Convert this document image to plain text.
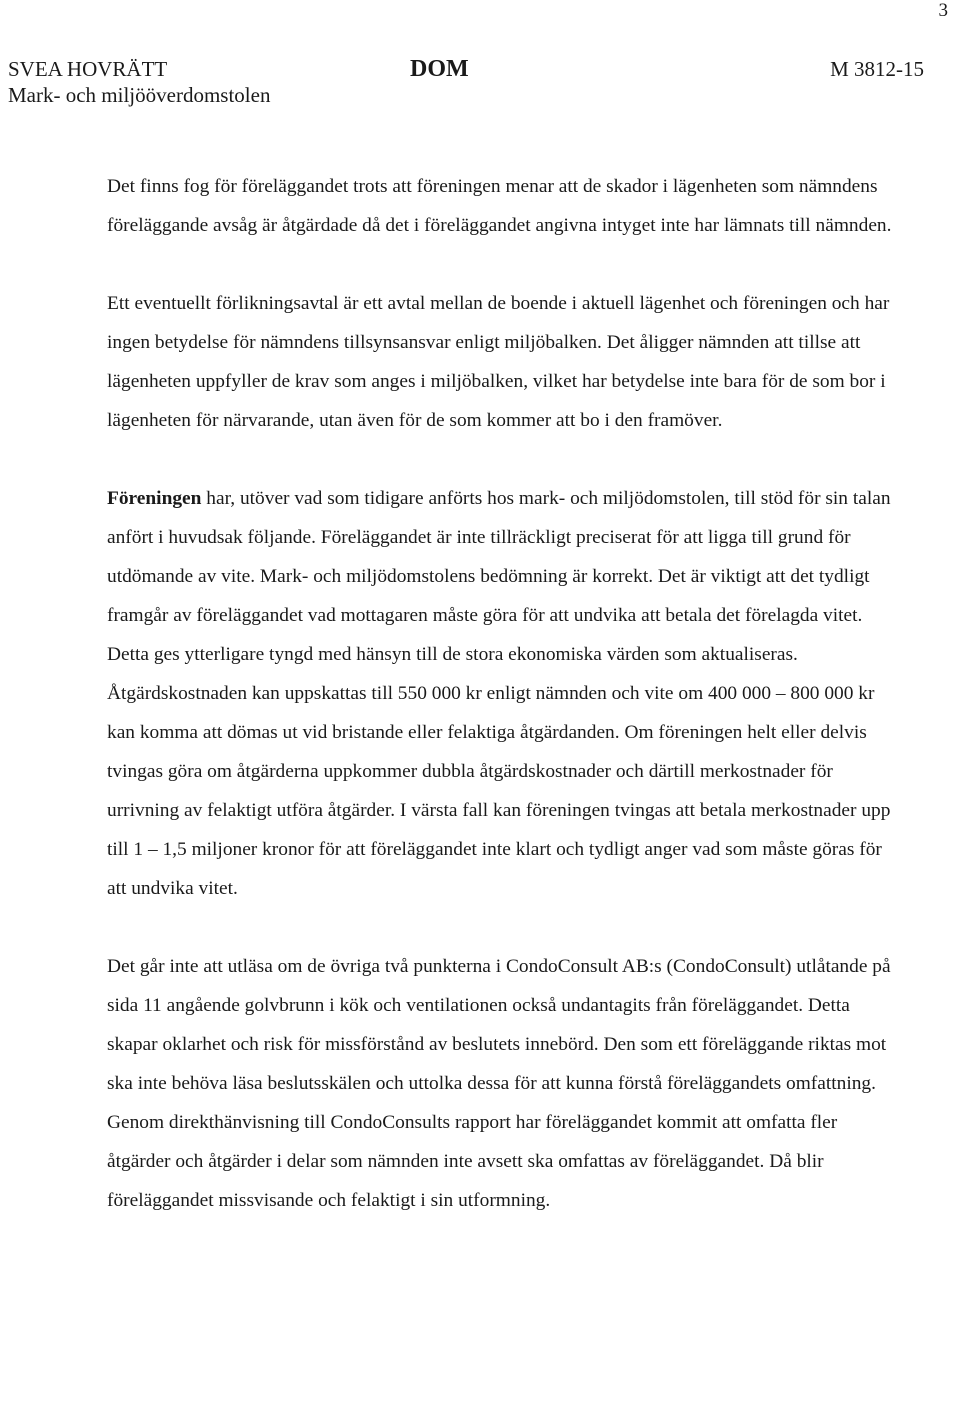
3
SVEA HOVRÄTT
Mark- och miljööverdomstolen
DOM	M 3812-15

Det finns fog för föreläggandet trots att föreningen menar att de skador i lägenheten som nämndens föreläggande avsåg är åtgärdade då det i föreläggandet angivna intyget inte har lämnats till nämnden.

Ett eventuellt förlikningsavtal är ett avtal mellan de boende i aktuell lägenhet och föreningen och har ingen betydelse för nämndens tillsynsansvar enligt miljöbalken. Det åligger nämnden att tillse att lägenheten uppfyller de krav som anges i miljöbalken, vilket har betydelse inte bara för de som bor i lägenheten för närvarande, utan även för de som kommer att bo i den framöver.

Föreningen har, utöver vad som tidigare anförts hos mark- och miljödomstolen, till stöd för sin talan anfört i huvudsak följande. Föreläggandet är inte tillräckligt preciserat för att ligga till grund för utdömande av vite. Mark- och miljödomstolens bedömning är korrekt. Det är viktigt att det tydligt framgår av föreläggandet vad mottagaren måste göra för att undvika att betala det förelagda vitet. Detta ges ytterligare tyngd med hänsyn till de stora ekonomiska värden som aktualiseras. Åtgärdskostnaden kan uppskattas till 550 000 kr enligt nämnden och vite om 400 000 – 800 000 kr kan komma att dömas ut vid bristande eller felaktiga åtgärdanden. Om föreningen helt eller delvis tvingas göra om åtgärderna uppkommer dubbla åtgärdskostnader och därtill merkostnader för urrivning av felaktigt utföra åtgärder. I värsta fall kan föreningen tvingas att betala merkostnader upp till 1 – 1,5 miljoner kronor för att föreläggandet inte klart och tydligt anger vad som måste göras för att undvika vitet.

Det går inte att utläsa om de övriga två punkterna i CondoConsult AB:s (CondoConsult) utlåtande på sida 11 angående golvbrunn i kök och ventilationen också undantagits från föreläggandet. Detta skapar oklarhet och risk för missförstånd av beslutets innebörd. Den som ett föreläggande riktas mot ska inte behöva läsa beslutsskälen och uttolka dessa för att kunna förstå föreläggandets omfattning. Genom direkthänvisning till CondoConsults rapport har föreläggandet kommit att omfatta fler åtgärder och åtgärder i delar som nämnden inte avsett ska omfattas av föreläggandet. Då blir föreläggandet missvisande och felaktigt i sin utformning.
